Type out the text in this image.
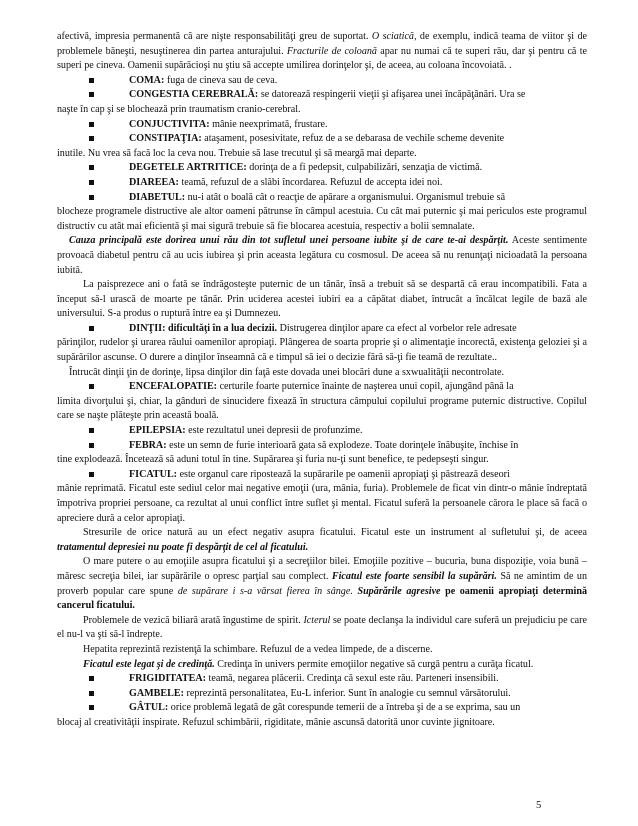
afectivă, impresia permanentă că are nişte responsabilităţi greu de suportat. O sciatică, de exemplu, indică teama de viitor şi de problemele băneşti, nesuştinerea din partea anturajului. Fracturile de coloană apar nu numai că te superi rău, dar şi pentru că te superi pe cineva. Oamenii supărăcioşi nu ştiu să accepte umilirea dorinţelor şi, de aceea, au coloana încovoiată. .

COMA: fuga de cineva sau de ceva.

CONGESTIA CEREBRALĂ: se datorează respingerii vieţii şi afişarea unei încăpăţânări. Ura se

naşte în cap şi se blochează prin traumatism cranio-cerebral.

CONJUCTIVITA: mânie neexprimată, frustare.

CONSTIPAŢIA: ataşament, posesivitate, refuz de a se debarasa de vechile scheme devenite

inutile. Nu vrea să facă loc la ceva nou. Trebuie să lase trecutul şi să meargă mai departe.

DEGETELE ARTRITICE: dorinţa de a fi pedepsit, culpabilizări, senzaţia de victimă.

DIAREEA: teamă, refuzul de a slăbi încordarea. Refuzul de accepta idei noi.

DIABETUL: nu-i atât o boală cât o reacţie de apărare a organismului. Organismul trebuie să

blocheze programele distructive ale altor oameni pătrunse în câmpul acestuia. Cu cât mai puternic şi mai periculos este programul distructiv cu atât mai eficientă şi mai sigură trebuie să fie blocarea acestuia, respectiv a bolii semnalate.

Cauza principală este dorirea unui rău din tot sufletul unei persoane iubite şi de care te-ai despărţit. Aceste sentimente provoacă diabetul pentru că au ucis iubirea şi prin aceasta legătura cu cosmosul. De aceea să nu renunţaţi nicioadată la persoana iubită.

La paisprezece ani o fată se îndrăgosteşte puternic de un tânăr, însă a trebuit să se despartă că erau incompatibili. Fata a început să-l urască de moarte pe tânăr. Prin uciderea acestei iubiri ea a căpătat diabet, întrucât a încălcat legile de bază ale universului. S-a produs o ruptură între ea şi Dumnezeu.

DINŢII: dificultăţi în a lua decizii. Distrugerea dinţilor apare ca efect al vorbelor rele adresate

părinţilor, rudelor şi urarea răului oamenilor apropiaţi. Plângerea de soarta proprie şi o alimentaţie incorectă, existenţa geloziei şi a supărărilor ascunse. O durere a dinţilor înseamnă că e timpul să iei o decizie fără să-ţi fie teamă de rezultate..

Întrucât dinţii ţin de dorinţe, lipsa dinţilor din faţă este dovada unei blocări dune a sxwualităţii necontrolate.

ENCEFALOPATIE: certurile foarte puternice înainte de naşterea unui copil, ajungând până la

limita divorţului şi, chiar, la gânduri de sinucidere fixează în structura câmpului copilului programe puternic distructive. Copilul care se naşte plăteşte prin această boală.

EPILEPSIA: este rezultatul unei depresii de profunzime.

FEBRA: este un semn de furie interioară gata să explodeze. Toate dorinţele înăbuşite, închise în

tine explodează. Încetează să aduni totul în tine. Supărarea şi furia nu-ţi sunt benefice, te pedepseşti singur.

FICATUL: este organul care ripostează la supărarile pe oamenii apropiaţi şi păstrează deseori

mânie reprimată. Ficatul este sediul celor mai negative emoţii (ura, mânia, furia). Problemele de ficat vin dintr-o mânie îndreptată împotriva propriei persoane, ca rezultat al unui conflict între suflet şi mental. Ficatul suferă la persoanele cărora le place să facă o apreciere dură a celor apropiaţi.

Stresurile de orice natură au un efect negativ asupra ficatului. Ficatul este un instrument al sufletului şi, de aceea tratamentul depresiei nu poate fi despărţit de cel al ficatului.

O mare putere o au emoţiile asupra ficatului şi a secreţiilor bilei. Emoţiile pozitive – bucuria, buna dispoziţie, voia bună – măresc secreţia bilei, iar supărările o opresc parţial sau complect. Ficatul este foarte sensibil la supărări. Să ne amintim de un proverb popular care spune de supărare i s-a vărsat fierea în sânge. Supărările agresive pe oamenii apropiaţi determină cancerul ficatului.

Problemele de vezică biliară arată îngustime de spirit. Icterul se poate declanşa la individul care suferă un prejudiciu pe care el nu-l va şti să-l îndrepte.

Hepatita reprezintă rezistenţă la schimbare. Refuzul de a vedea limpede, de a discerne.

Ficatul este legat şi de credinţă. Credinţa în univers permite emoţiilor negative să curgă pentru a curăţa ficatul.

FRIGIDITATEA: teamă, negarea plăcerii. Credinţa că sexul este rău. Parteneri insensibili.

GAMBELE: reprezintă personalitatea, Eu-L inferior. Sunt în analogie cu semnul vărsătorului.

GÂTUL: orice problemă legată de gât corespunde temerii de a întreba şi de a se exprima, sau un

blocaj al creativităţii inspirate. Refuzul schimbării, rigiditate, mânie ascunsă datorită unor cuvinte jignitoare.

5
